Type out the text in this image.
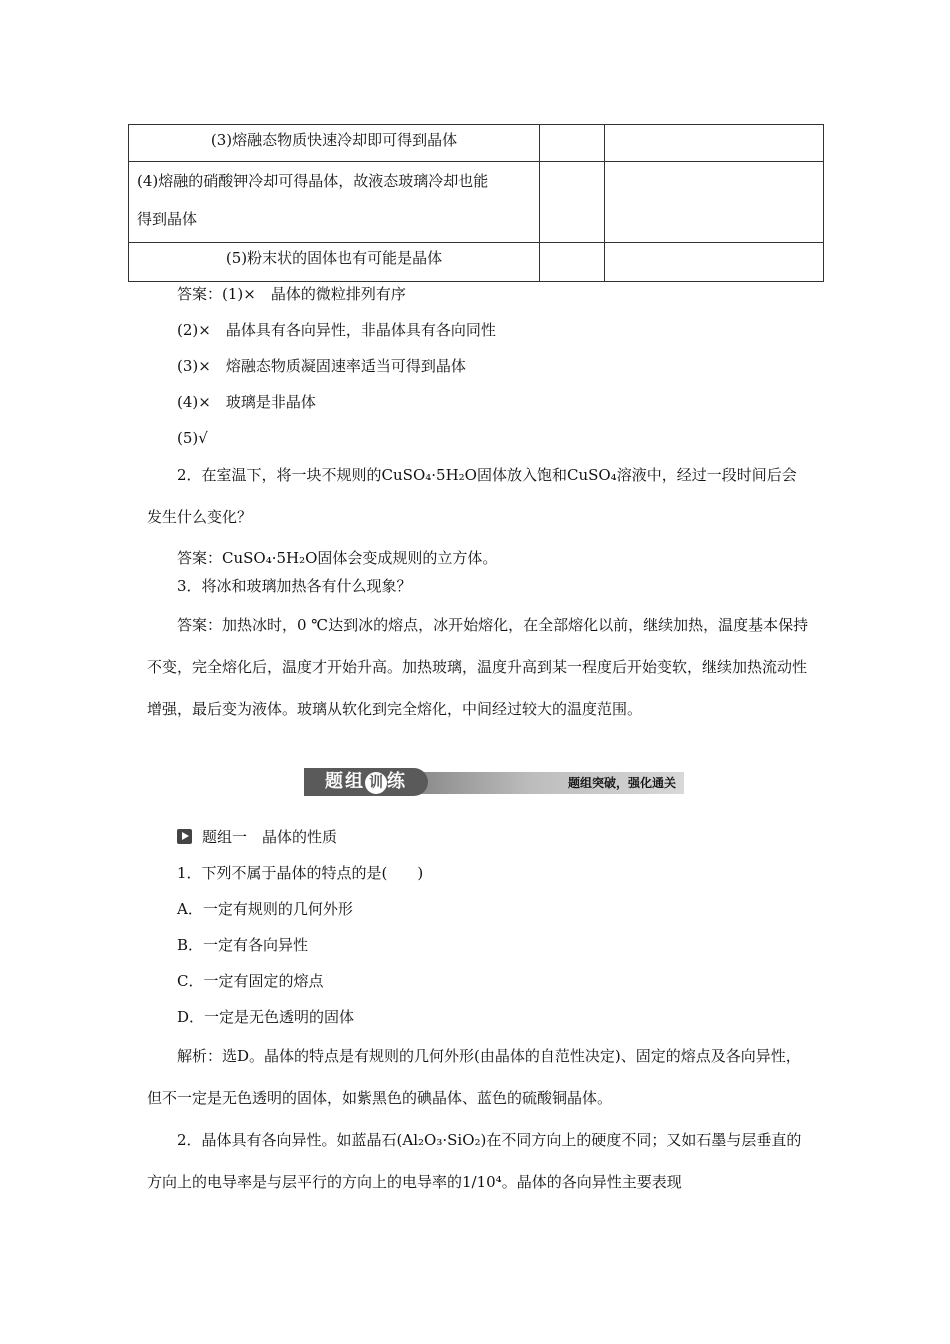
(3)熔融态物质快速冷却即可得到晶体		

(4)熔融的硝酸钾冷却可得晶体，故液态玻璃冷却也能
得到晶体		

(5)粉末状的固体也有可能是晶体		

答案：(1)×　晶体的微粒排列有序

(2)×　晶体具有各向异性，非晶体具有各向同性

(3)×　熔融态物质凝固速率适当可得到晶体

(4)×　玻璃是非晶体

(5)√

2．在室温下，将一块不规则的CuSO₄·5H₂O固体放入饱和CuSO₄溶液中，经过一段时间后会发生什么变化？

答案：CuSO₄·5H₂O固体会变成规则的立方体。

3．将冰和玻璃加热各有什么现象？

答案：加热冰时，0 ℃达到冰的熔点，冰开始熔化，在全部熔化以前，继续加热，温度基本保持不变，完全熔化后，温度才开始升高。加热玻璃，温度升高到某一程度后开始变软，继续加热流动性增强，最后变为液体。玻璃从软化到完全熔化，中间经过较大的温度范围。

题组 训 练	题组突破，强化通关

题组一　晶体的性质

1．下列不属于晶体的特点的是(　　)

A．一定有规则的几何外形

B．一定有各向异性

C．一定有固定的熔点

D．一定是无色透明的固体

解析：选D。晶体的特点是有规则的几何外形(由晶体的自范性决定)、固定的熔点及各向异性，但不一定是无色透明的固体，如紫黑色的碘晶体、蓝色的硫酸铜晶体。

2．晶体具有各向异性。如蓝晶石(Al₂O₃·SiO₂)在不同方向上的硬度不同；又如石墨与层垂直的方向上的电导率是与层平行的方向上的电导率的1/10⁴。晶体的各向异性主要表现
